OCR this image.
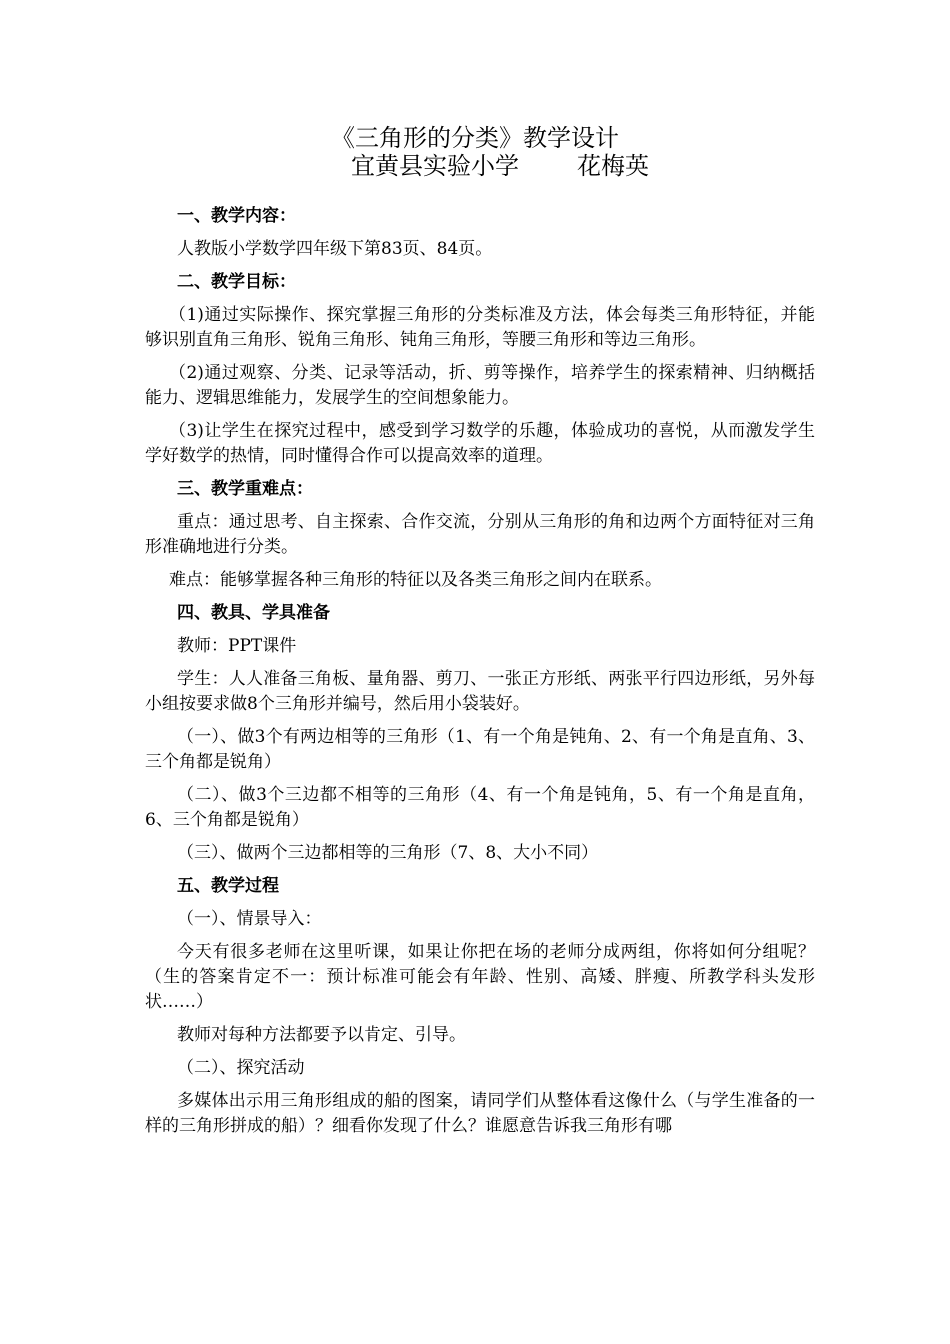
《三角形的分类》教学设计
宜黄县实验小学 花梅英
一、教学内容：

人教版小学数学四年级下第83页、84页。

二、教学目标：

（1)通过实际操作、探究掌握三角形的分类标准及方法，体会每类三角形特征，并能够识别直角三角形、锐角三角形、钝角三角形，等腰三角形和等边三角形。

（2)通过观察、分类、记录等活动，折、剪等操作，培养学生的探索精神、归纳概括能力、逻辑思维能力，发展学生的空间想象能力。

（3)让学生在探究过程中，感受到学习数学的乐趣，体验成功的喜悦，从而激发学生学好数学的热情，同时懂得合作可以提高效率的道理。

三、教学重难点：

重点：通过思考、自主探索、合作交流，分别从三角形的角和边两个方面特征对三角形准确地进行分类。

难点：能够掌握各种三角形的特征以及各类三角形之间内在联系。

四、教具、学具准备

教师：PPT课件

学生：人人准备三角板、量角器、剪刀、一张正方形纸、两张平行四边形纸，另外每小组按要求做8个三角形并编号，然后用小袋装好。

（一）、做3个有两边相等的三角形（1、有一个角是钝角、2、有一个角是直角、3、三个角都是锐角）

（二）、做3个三边都不相等的三角形（4、有一个角是钝角，5、有一个角是直角，6、三个角都是锐角）

（三）、做两个三边都相等的三角形（7、8、大小不同）

五、教学过程

（一）、情景导入：

今天有很多老师在这里听课，如果让你把在场的老师分成两组，你将如何分组呢？（生的答案肯定不一：预计标准可能会有年龄、性别、高矮、胖瘦、所教学科头发形状……）

教师对每种方法都要予以肯定、引导。

（二）、探究活动

多媒体出示用三角形组成的船的图案，请同学们从整体看这像什么（与学生准备的一样的三角形拼成的船）？细看你发现了什么？谁愿意告诉我三角形有哪
